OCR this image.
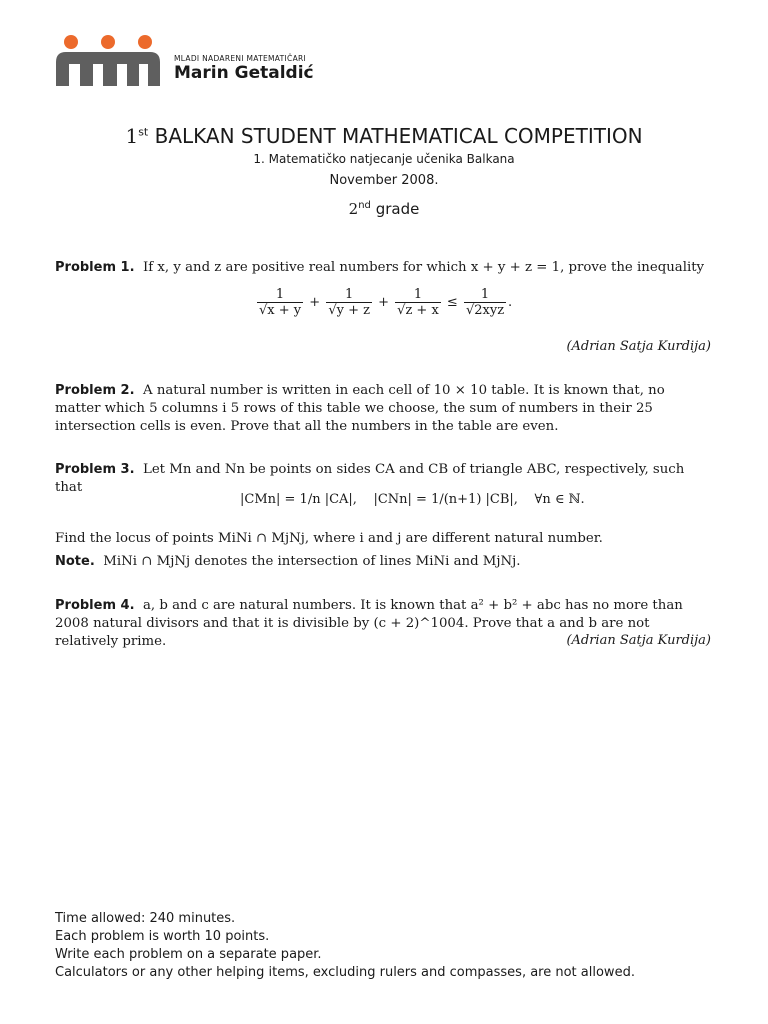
MLADI NADARENI MATEMATIČARI
Marin Getaldić
1st BALKAN STUDENT MATHEMATICAL COMPETITION
1. Matematičko natjecanje učenika Balkana
November 2008.
2nd grade
Problem 1. If x, y and z are positive real numbers for which x + y + z = 1, prove the inequality
$\frac{1}{√x + y} + \frac{1}{√y + z} + \frac{1}{√z + x} \le \frac{1}{\text{√2xyz}}$ .
(Adrian Satja Kurdija)
Problem 2. A natural number is written in each cell of 10 × 10 table. It is known that, no matter which 5 columns i 5 rows of this table we choose, the sum of numbers in their 25 intersection cells is even. Prove that all the numbers in the table are even.
Problem 3. Let Mn and Nn be points on sides CA and CB of triangle ABC, respectively, such that
|CMn| = 1/n |CA|, |CNn| = 1/(n+1) |CB|, ∀n ∈ ℕ.
Find the locus of points MiNi ∩ MjNj, where i and j are different natural number.
Note. MiNi ∩ MjNj denotes the intersection of lines MiNi and MjNj.
Problem 4. a, b and c are natural numbers. It is known that a² + b² + abc has no more than 2008 natural divisors and that it is divisible by (c + 2)^1004. Prove that a and b are not relatively prime.	(Adrian Satja Kurdija)
Time allowed: 240 minutes.
Each problem is worth 10 points.
Write each problem on a separate paper.
Calculators or any other helping items, excluding rulers and compasses, are not allowed.
